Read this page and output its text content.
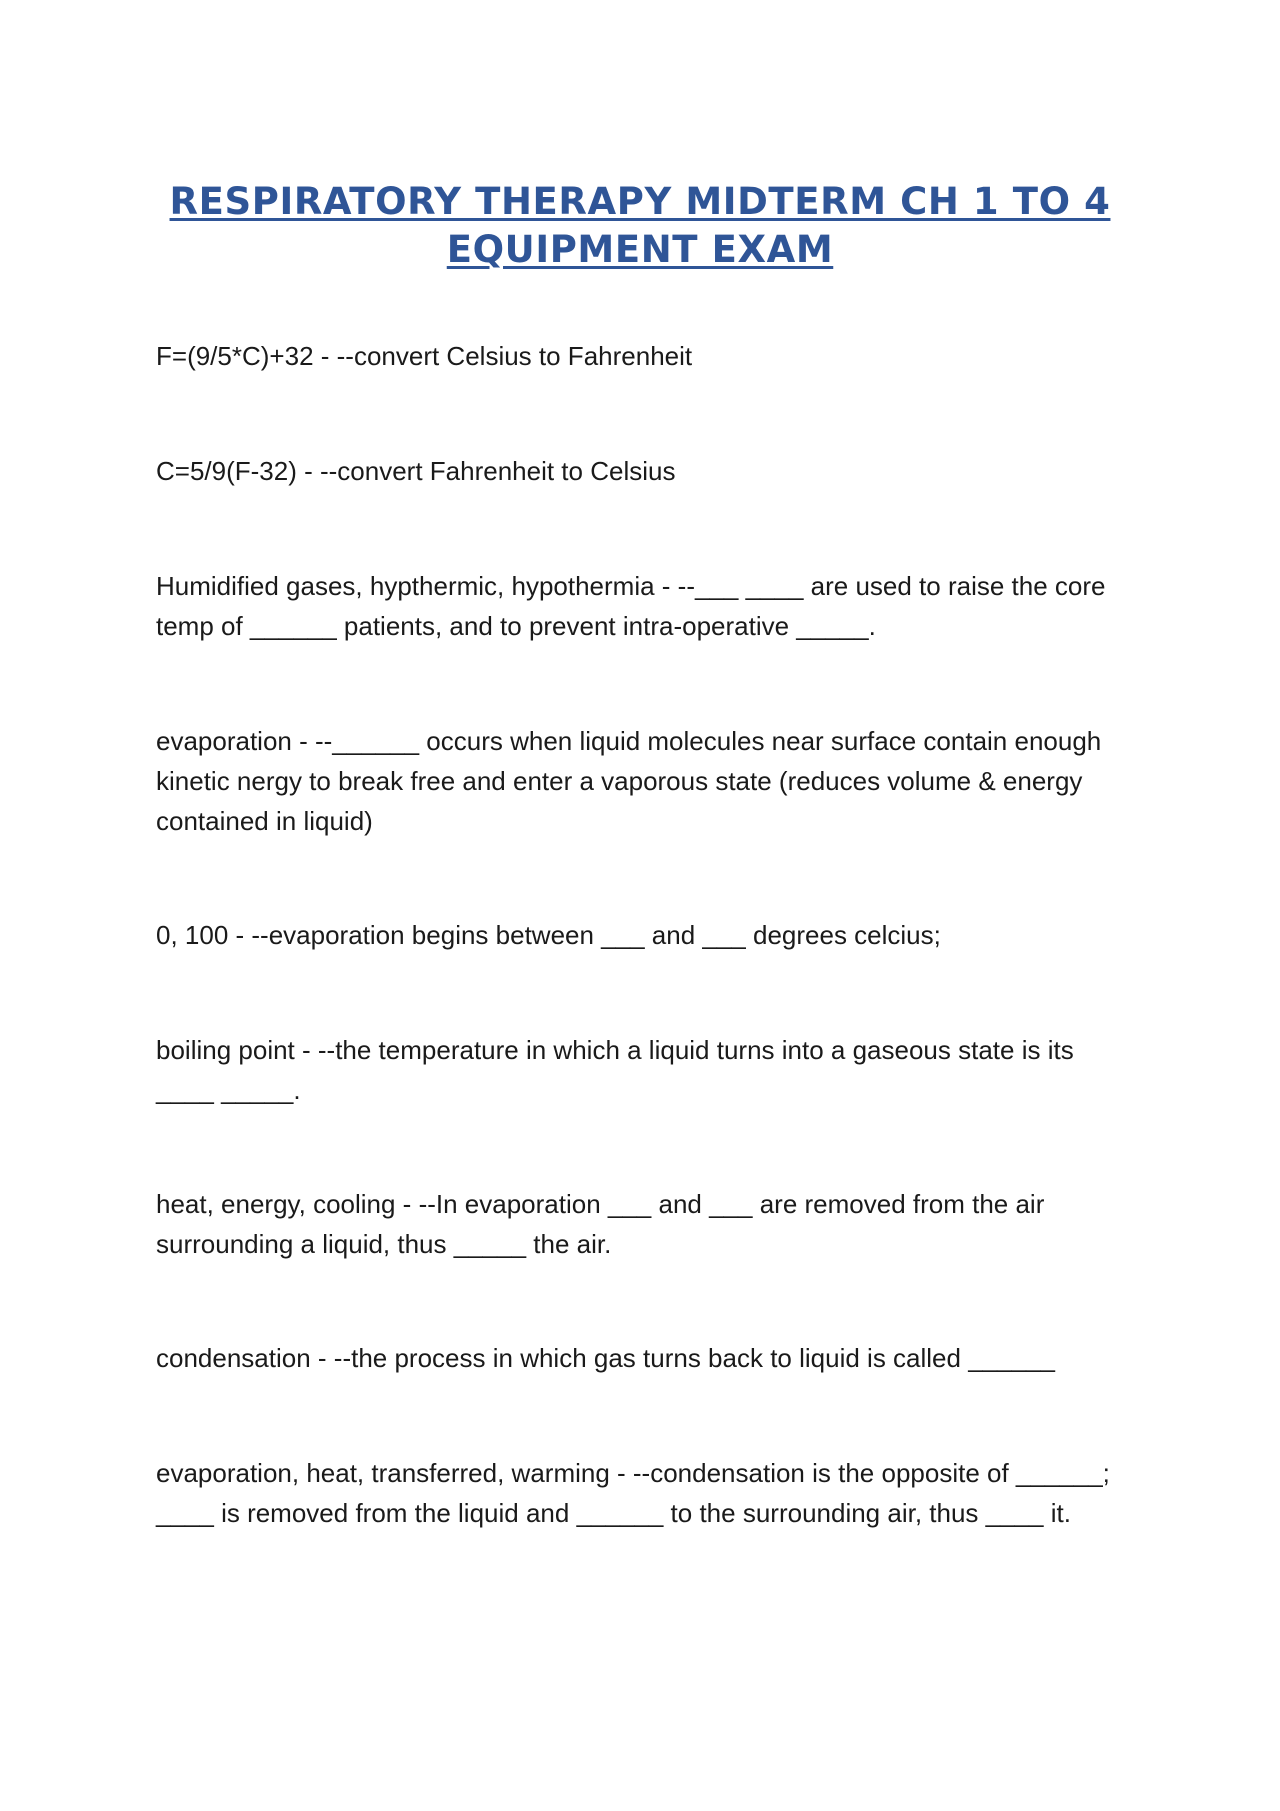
RESPIRATORY THERAPY MIDTERM CH 1 TO 4
EQUIPMENT EXAM

F=(9/5*C)+32 - --convert Celsius to Fahrenheit

C=5/9(F-32) - --convert Fahrenheit to Celsius

Humidified gases, hypthermic, hypothermia - --___ ____ are used to raise the core temp of ______ patients, and to prevent intra-operative _____.

evaporation - --______ occurs when liquid molecules near surface contain enough kinetic nergy to break free and enter a vaporous state (reduces volume & energy contained in liquid)

0, 100 - --evaporation begins between ___ and ___ degrees celcius;

boiling point - --the temperature in which a liquid turns into a gaseous state is its ____ _____.

heat, energy, cooling - --In evaporation ___ and ___ are removed from the air surrounding a liquid, thus _____ the air.

condensation - --the process in which gas turns back to liquid is called ______

evaporation, heat, transferred, warming - --condensation is the opposite of ______; ____ is removed from the liquid and ______ to the surrounding air, thus ____ it.
